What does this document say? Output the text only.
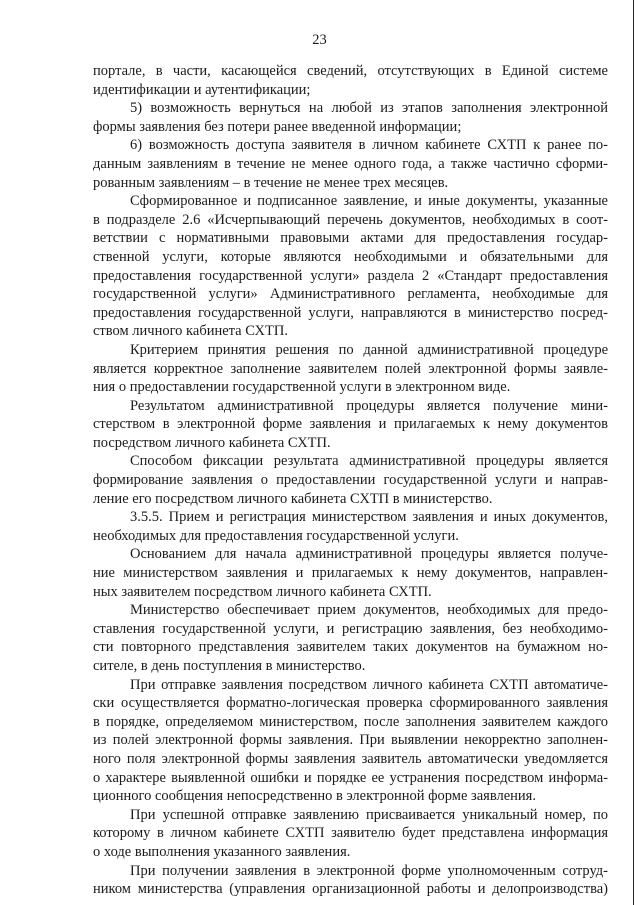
23
портале, в части, касающейся сведений, отсутствующих в Единой системе
идентификации и аутентификации;
5) возможность вернуться на любой из этапов заполнения электронной
формы заявления без потери ранее введенной информации;
6) возможность доступа заявителя в личном кабинете СХТП к ранее по-
данным заявлениям в течение не менее одного года, а также частично сформи-
рованным заявлениям – в течение не менее трех месяцев.
Сформированное и подписанное заявление, и иные документы, указанные
в подразделе 2.6 «Исчерпывающий перечень документов, необходимых в соот-
ветствии с нормативными правовыми актами для предоставления государ-
ственной услуги, которые являются необходимыми и обязательными для
предоставления государственной услуги» раздела 2 «Стандарт предоставления
государственной услуги» Административного регламента, необходимые для
предоставления государственной услуги, направляются в министерство посред-
ством личного кабинета СХТП.
Критерием принятия решения по данной административной процедуре
является корректное заполнение заявителем полей электронной формы заявле-
ния о предоставлении государственной услуги в электронном виде.
Результатом административной процедуры является получение мини-
стерством в электронной форме заявления и прилагаемых к нему документов
посредством личного кабинета СХТП.
Способом фиксации результата административной процедуры является
формирование заявления о предоставлении государственной услуги и направ-
ление его посредством личного кабинета СХТП в министерство.
3.5.5. Прием и регистрация министерством заявления и иных документов,
необходимых для предоставления государственной услуги.
Основанием для начала административной процедуры является получе-
ние министерством заявления и прилагаемых к нему документов, направлен-
ных заявителем посредством личного кабинета СХТП.
Министерство обеспечивает прием документов, необходимых для предо-
ставления государственной услуги, и регистрацию заявления, без необходимо-
сти повторного представления заявителем таких документов на бумажном но-
сителе, в день поступления в министерство.
При отправке заявления посредством личного кабинета СХТП автоматиче-
ски осуществляется форматно-логическая проверка сформированного заявления
в порядке, определяемом министерством, после заполнения заявителем каждого
из полей электронной формы заявления. При выявлении некорректно заполнен-
ного поля электронной формы заявления заявитель автоматически уведомляется
о характере выявленной ошибки и порядке ее устранения посредством информа-
ционного сообщения непосредственно в электронной форме заявления.
При успешной отправке заявлению присваивается уникальный номер, по
которому в личном кабинете СХТП заявителю будет представлена информация
о ходе выполнения указанного заявления.
При получении заявления в электронной форме уполномоченным сотруд-
ником министерства (управления организационной работы и делопроизводства)
